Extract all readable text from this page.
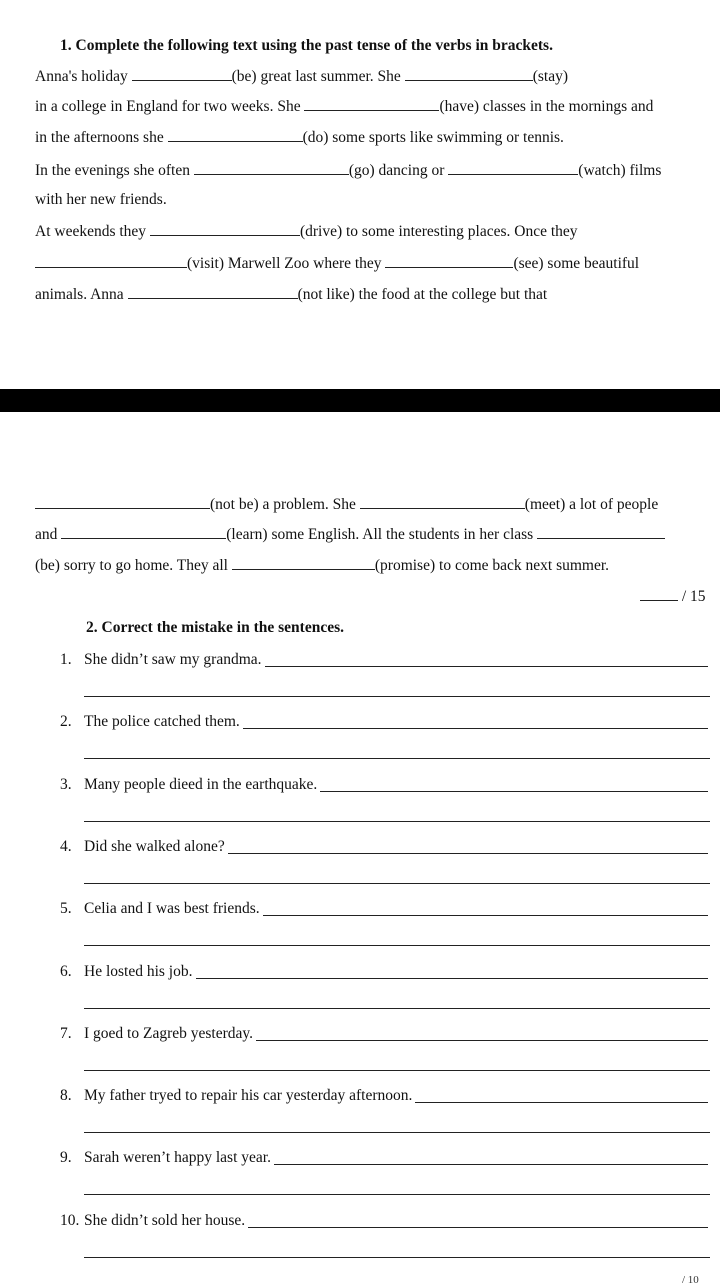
1. Complete the following text using the past tense of the verbs in brackets.
Anna's holiday	(be) great last summer. She	(stay)
in a college in England for two weeks. She	(have) classes in the mornings and
in the afternoons she	(do) some sports like swimming or tennis.
In the evenings she often	(go) dancing or	(watch) films
with her new friends.
At weekends they	(drive) to some interesting places. Once they
(visit) Marwell Zoo where they	(see) some beautiful
animals. Anna	(not like) the food at the college but that
(not be) a problem. She	(meet) a lot of people
and	(learn) some English. All the students in her class
(be) sorry to go home. They all	(promise) to come back next summer.
/ 15
2. Correct the mistake in the sentences.
1. She didn’t saw my grandma.
2. The police catched them.
3. Many people dieed in the earthquake.
4. Did she walked alone?
5. Celia and I was best friends.
6. He losted his job.
7. I goed to Zagreb yesterday.
8. My father tryed to repair his car yesterday afternoon.
9. Sarah weren’t happy last year.
10. She didn’t sold her house.
/ 10
